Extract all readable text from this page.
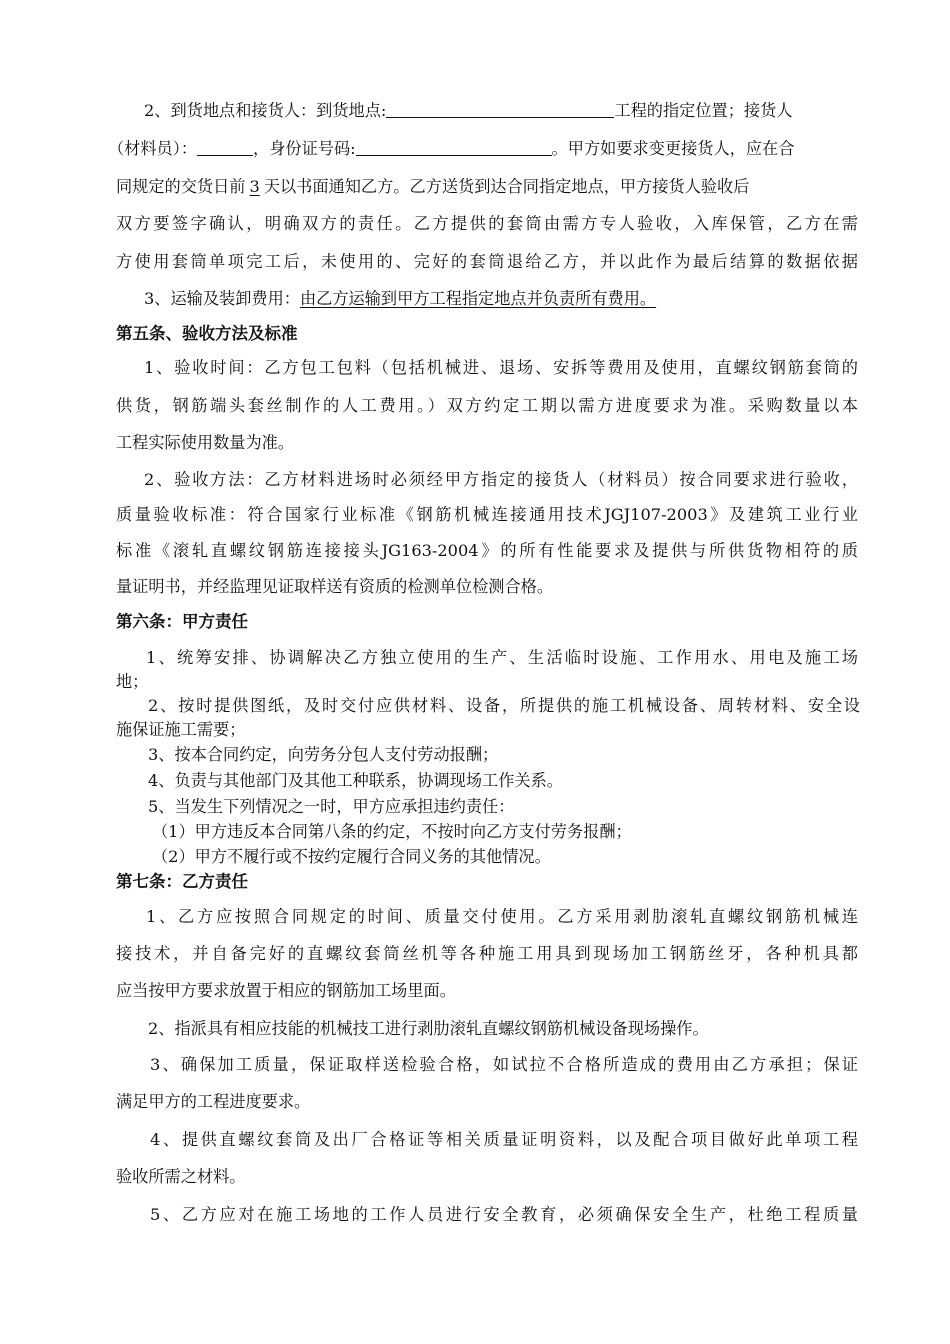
2、到货地点和接货人：到货地点:	工程的指定位置；接货人
（材料员）：	，身份证号码:	。甲方如要求变更接货人，应在合
同规定的交货日前 3 天以书面通知乙方。乙方送货到达合同指定地点，甲方接货人验收后
双方要签字确认，明确双方的责任。乙方提供的套筒由需方专人验收，入库保管，乙方在需
方使用套筒单项完工后，未使用的、完好的套筒退给乙方，并以此作为最后结算的数据依据
3、运输及装卸费用：由乙方运输到甲方工程指定地点并负责所有费用。
第五条、验收方法及标准
1、验收时间：乙方包工包料（包括机械进、退场、安拆等费用及使用，直螺纹钢筋套筒的
供货，钢筋端头套丝制作的人工费用。）双方约定工期以需方进度要求为准。采购数量以本
工程实际使用数量为准。
2、验收方法：乙方材料进场时必须经甲方指定的接货人（材料员）按合同要求进行验收，
质量验收标准：符合国家行业标准《钢筋机械连接通用技术JGJ107-2003》及建筑工业行业
标准《滚轧直螺纹钢筋连接接头JG163-2004》的所有性能要求及提供与所供货物相符的质
量证明书，并经监理见证取样送有资质的检测单位检测合格。
第六条：甲方责任
1、统筹安排、协调解决乙方独立使用的生产、生活临时设施、工作用水、用电及施工场
地；
2、按时提供图纸，及时交付应供材料、设备，所提供的施工机械设备、周转材料、安全设
施保证施工需要；
3、按本合同约定，向劳务分包人支付劳动报酬；
4、负责与其他部门及其他工种联系，协调现场工作关系。
5、当发生下列情况之一时，甲方应承担违约责任：
（1）甲方违反本合同第八条的约定，不按时向乙方支付劳务报酬；
（2）甲方不履行或不按约定履行合同义务的其他情况。
第七条：乙方责任
1、乙方应按照合同规定的时间、质量交付使用。乙方采用剥肋滚轧直螺纹钢筋机械连
接技术，并自备完好的直螺纹套筒丝机等各种施工用具到现场加工钢筋丝牙，各种机具都
应当按甲方要求放置于相应的钢筋加工场里面。
2、指派具有相应技能的机械技工进行剥肋滚轧直螺纹钢筋机械设备现场操作。
3、确保加工质量，保证取样送检验合格，如试拉不合格所造成的费用由乙方承担；保证
满足甲方的工程进度要求。
4、提供直螺纹套筒及出厂合格证等相关质量证明资料，以及配合项目做好此单项工程
验收所需之材料。
5、乙方应对在施工场地的工作人员进行安全教育，必须确保安全生产，杜绝工程质量
